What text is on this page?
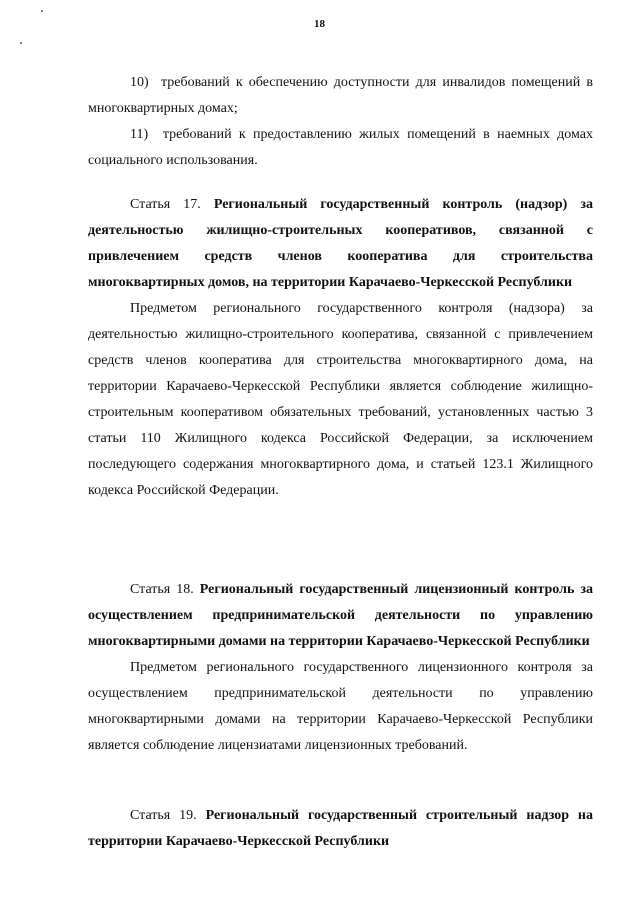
18

10)  требований к обеспечению доступности для инвалидов помещений в многоквартирных домах;

11)  требований к предоставлению жилых помещений в наемных домах социального использования.

Статья 17. Региональный государственный контроль (надзор) за деятельностью жилищно-строительных кооперативов, связанной с привлечением средств членов кооператива для строительства многоквартирных домов, на территории Карачаево-Черкесской Республики

Предметом регионального государственного контроля (надзора) за деятельностью жилищно-строительного кооператива, связанной с привлечением средств членов кооператива для строительства многоквартирного дома, на территории Карачаево-Черкесской Республики является соблюдение жилищно-строительным кооперативом обязательных требований, установленных частью 3 статьи 110 Жилищного кодекса Российской Федерации, за исключением последующего содержания многоквартирного дома, и статьей 123.1 Жилищного кодекса Российской Федерации.

Статья 18. Региональный государственный лицензионный контроль за осуществлением предпринимательской деятельности по управлению многоквартирными домами на территории Карачаево-Черкесской Республики

Предметом регионального государственного лицензионного контроля за осуществлением предпринимательской деятельности по управлению многоквартирными домами на территории Карачаево-Черкесской Республики является соблюдение лицензиатами лицензионных требований.

Статья 19. Региональный государственный строительный надзор на территории Карачаево-Черкесской Республики
